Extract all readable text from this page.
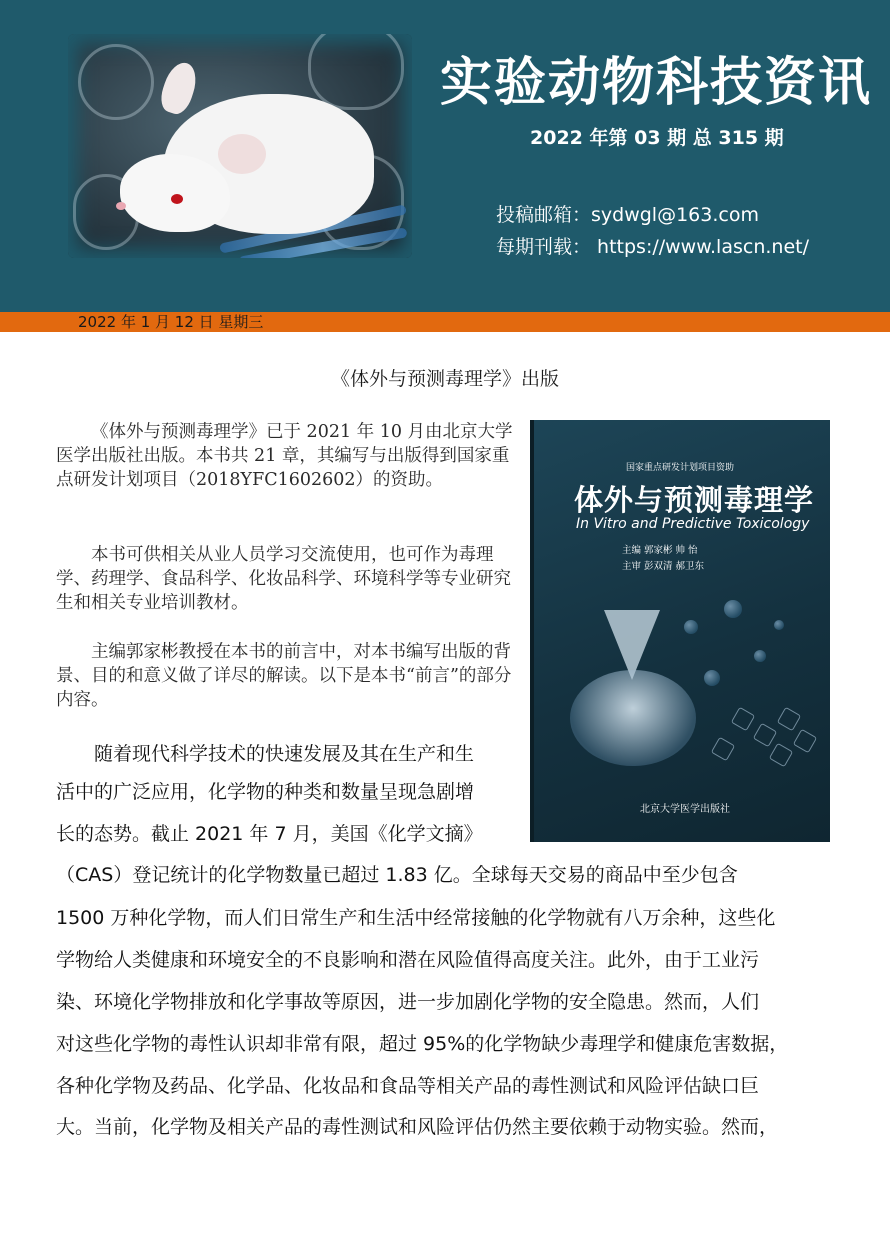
实验动物科技资讯
2022 年第 03 期 总 315 期
投稿邮箱：sydwgl@163.com
每期刊载： https://www.lascn.net/
2022 年 1 月 12 日 星期三
《体外与预测毒理学》出版

《体外与预测毒理学》已于 2021 年 10 月由北京大学医学出版社出版。本书共 21 章，其编写与出版得到国家重点研发计划项目（2018YFC1602602）的资助。

本书可供相关从业人员学习交流使用，也可作为毒理学、药理学、食品科学、化妆品科学、环境科学等专业研究生和相关专业培训教材。

主编郭家彬教授在本书的前言中，对本书编写出版的背景、目的和意义做了详尽的解读。以下是本书“前言”的部分内容。

随着现代科学技术的快速发展及其在生产和生

活中的广泛应用，化学物的种类和数量呈现急剧增

长的态势。截止 2021 年 7 月，美国《化学文摘》

（CAS）登记统计的化学物数量已超过 1.83 亿。全球每天交易的商品中至少包含

1500 万种化学物，而人们日常生产和生活中经常接触的化学物就有八万余种，这些化

学物给人类健康和环境安全的不良影响和潜在风险值得高度关注。此外，由于工业污

染、环境化学物排放和化学事故等原因，进一步加剧化学物的安全隐患。然而，人们

对这些化学物的毒性认识却非常有限，超过 95%的化学物缺少毒理学和健康危害数据，

各种化学物及药品、化学品、化妆品和食品等相关产品的毒性测试和风险评估缺口巨

大。当前，化学物及相关产品的毒性测试和风险评估仍然主要依赖于动物实验。然而，

国家重点研发计划项目资助
体外与预测毒理学
In Vitro and Predictive Toxicology
主编 郭家彬 帅 怡
主审 彭双清 郝卫东
北京大学医学出版社
